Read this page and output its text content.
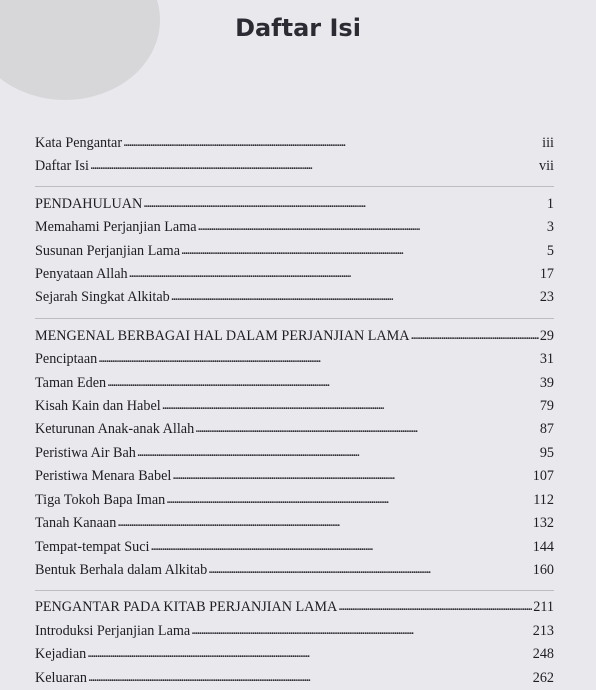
Daftar Isi
Kata Pengantar . . .	iii
Daftar Isi . . .	vii
PENDAHULUAN . . .	1
Memahami Perjanjian Lama . . .	3
Susunan Perjanjian Lama . . .	5
Penyataan Allah . . .	17
Sejarah Singkat Alkitab . . .	23
MENGENAL BERBAGAI HAL DALAM PERJANJIAN LAMA . . .	29
Penciptaan . . .	31
Taman Eden . . .	39
Kisah Kain dan Habel . . .	79
Keturunan Anak-anak Allah . . .	87
Peristiwa Air Bah . . .	95
Peristiwa Menara Babel . . .	107
Tiga Tokoh Bapa Iman . . .	112
Tanah Kanaan . . .	132
Tempat-tempat Suci . . .	144
Bentuk Berhala dalam Alkitab . . .	160
PENGANTAR PADA KITAB PERJANJIAN LAMA . . .	211
Introduksi Perjanjian Lama . . .	213
Kejadian . . .	248
Keluaran . . .	262
